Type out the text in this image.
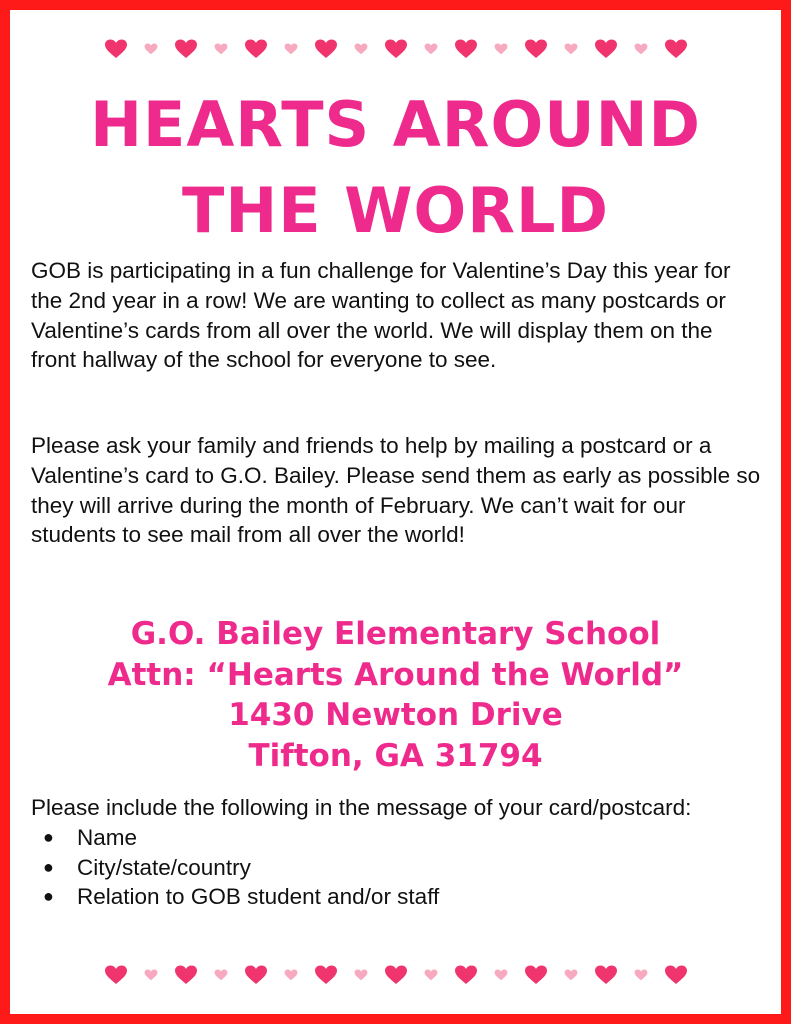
HEARTS AROUND
THE WORLD
GOB is participating in a fun challenge for Valentine’s Day this year for the 2nd year in a row! We are wanting to collect as many postcards or Valentine’s cards from all over the world. We will display them on the front hallway of the school for everyone to see.
Please ask your family and friends to help by mailing a postcard or a Valentine’s card to G.O. Bailey. Please send them as early as possible so they will arrive during the month of February. We can’t wait for our students to see mail from all over the world!
G.O. Bailey Elementary School
Attn: “Hearts Around the World”
1430 Newton Drive
Tifton, GA 31794
Please include the following in the message of your card/postcard:
● Name
● City/state/country
● Relation to GOB student and/or staff
